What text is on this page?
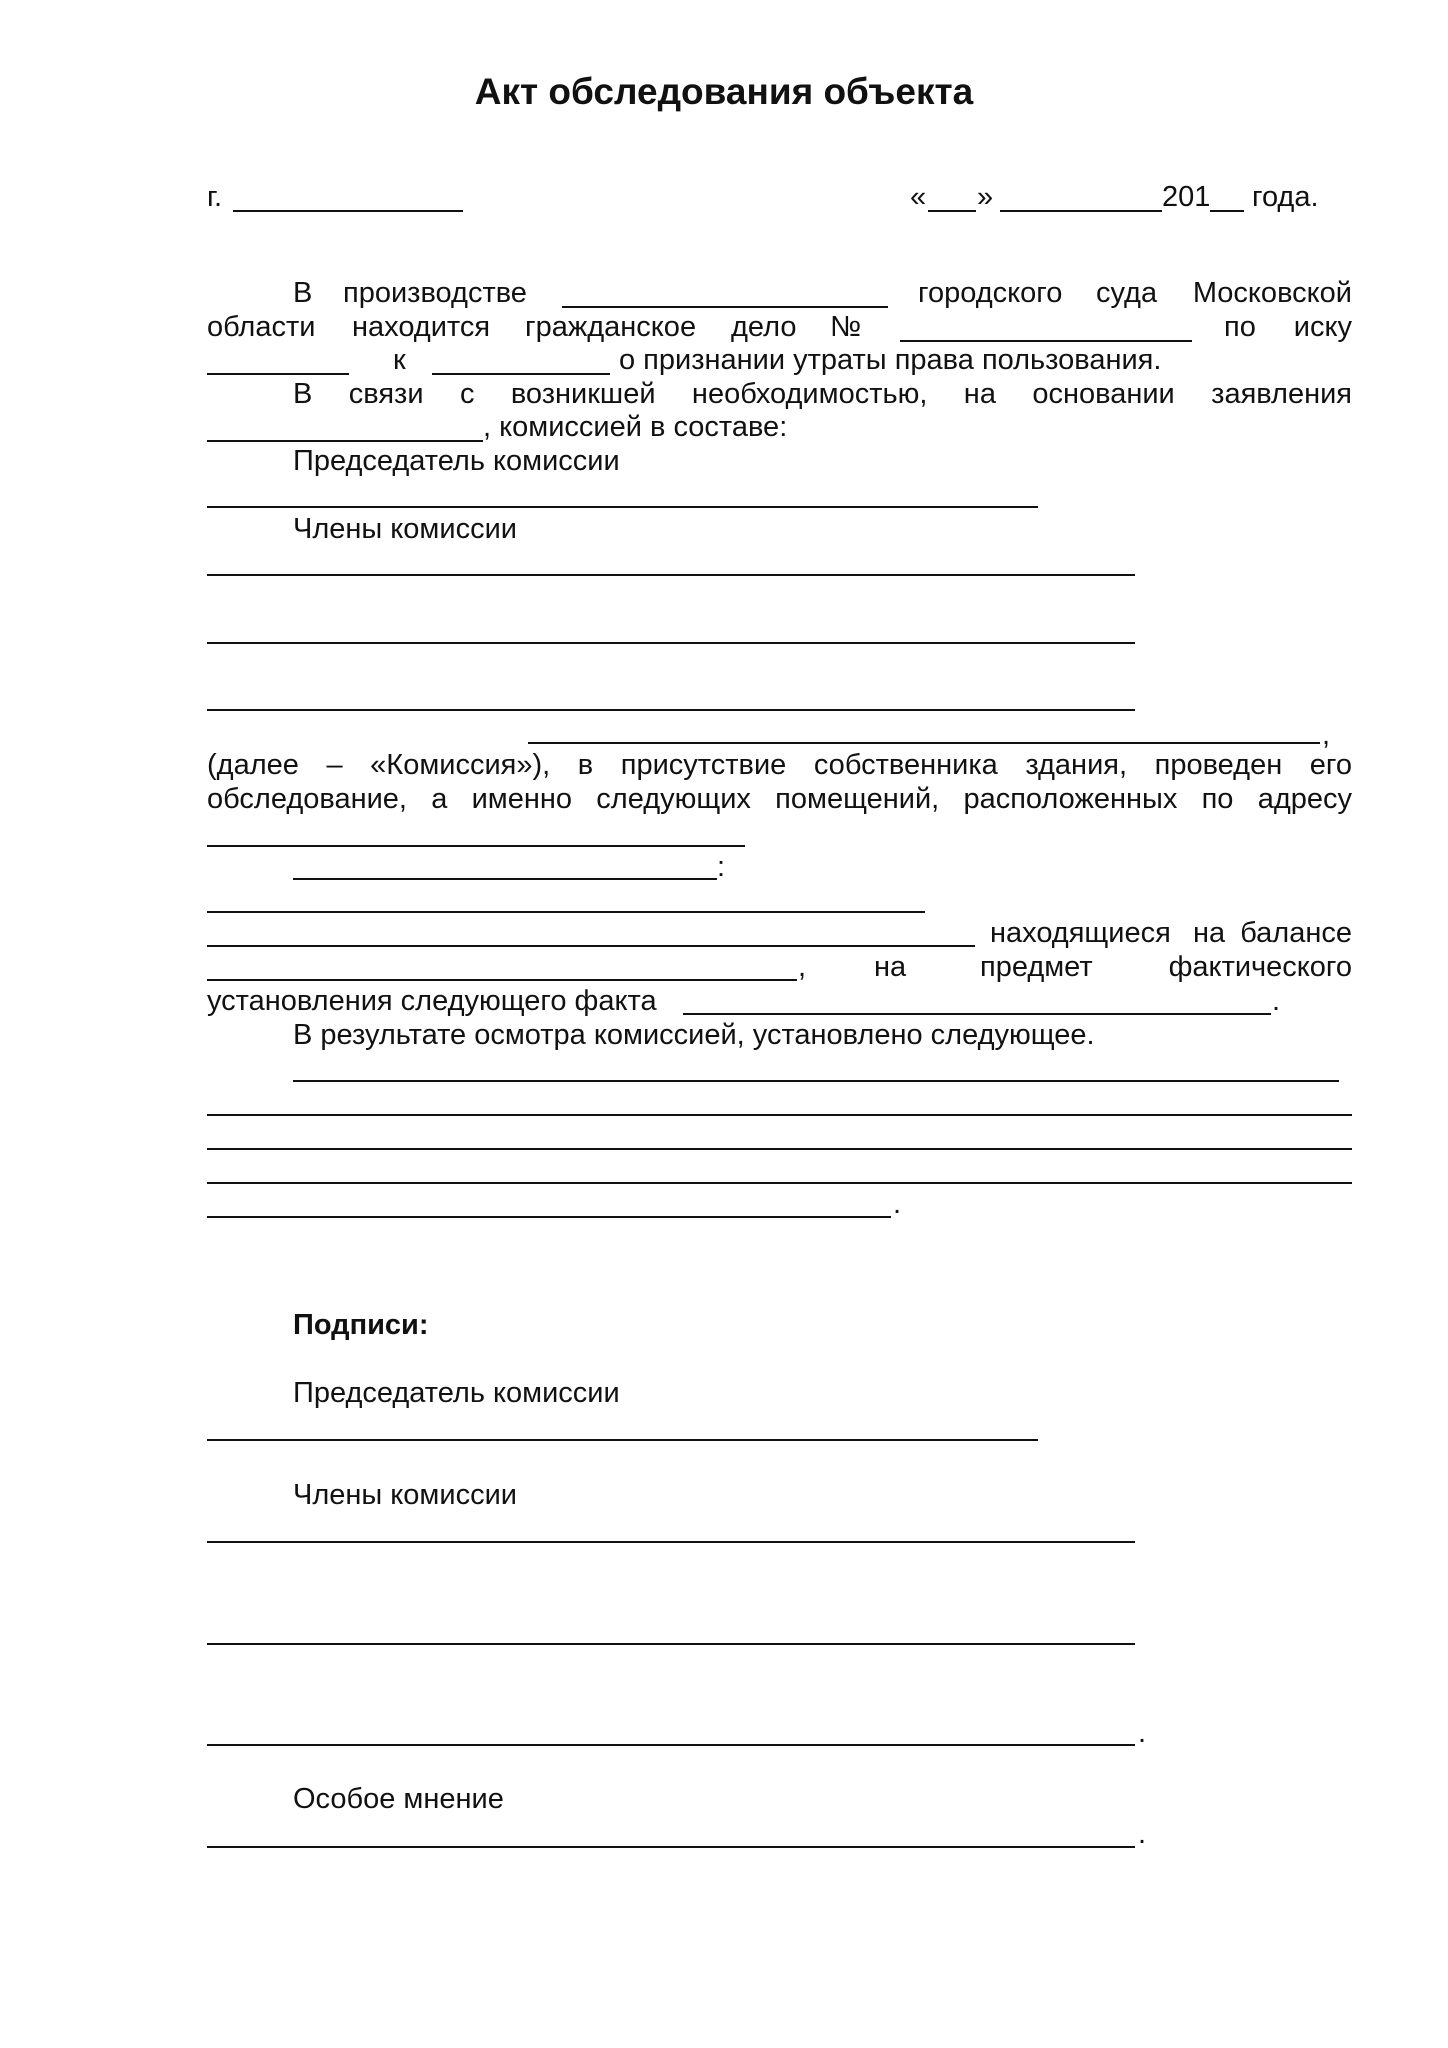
Акт обследования объекта
г.	« »	201 года.
В производстве	городского суда	Московской
области находится гражданское дело №	по	иску
к	о признании утраты права пользования.
В связи с возникшей необходимостью, на основании заявления
, комиссией в составе:
Председатель комиссии
Члены комиссии
,
(далее – «Комиссия»), в присутствие собственника здания, проведен его
обследование, а именно следующих помещений, расположенных по адресу
:
находящиеся на балансе
, на	предмет	фактического
установления следующего факта	.
В результате осмотра комиссией, установлено следующее.
.
Подписи:
Председатель комиссии
Члены комиссии
.
Особое мнение
.
